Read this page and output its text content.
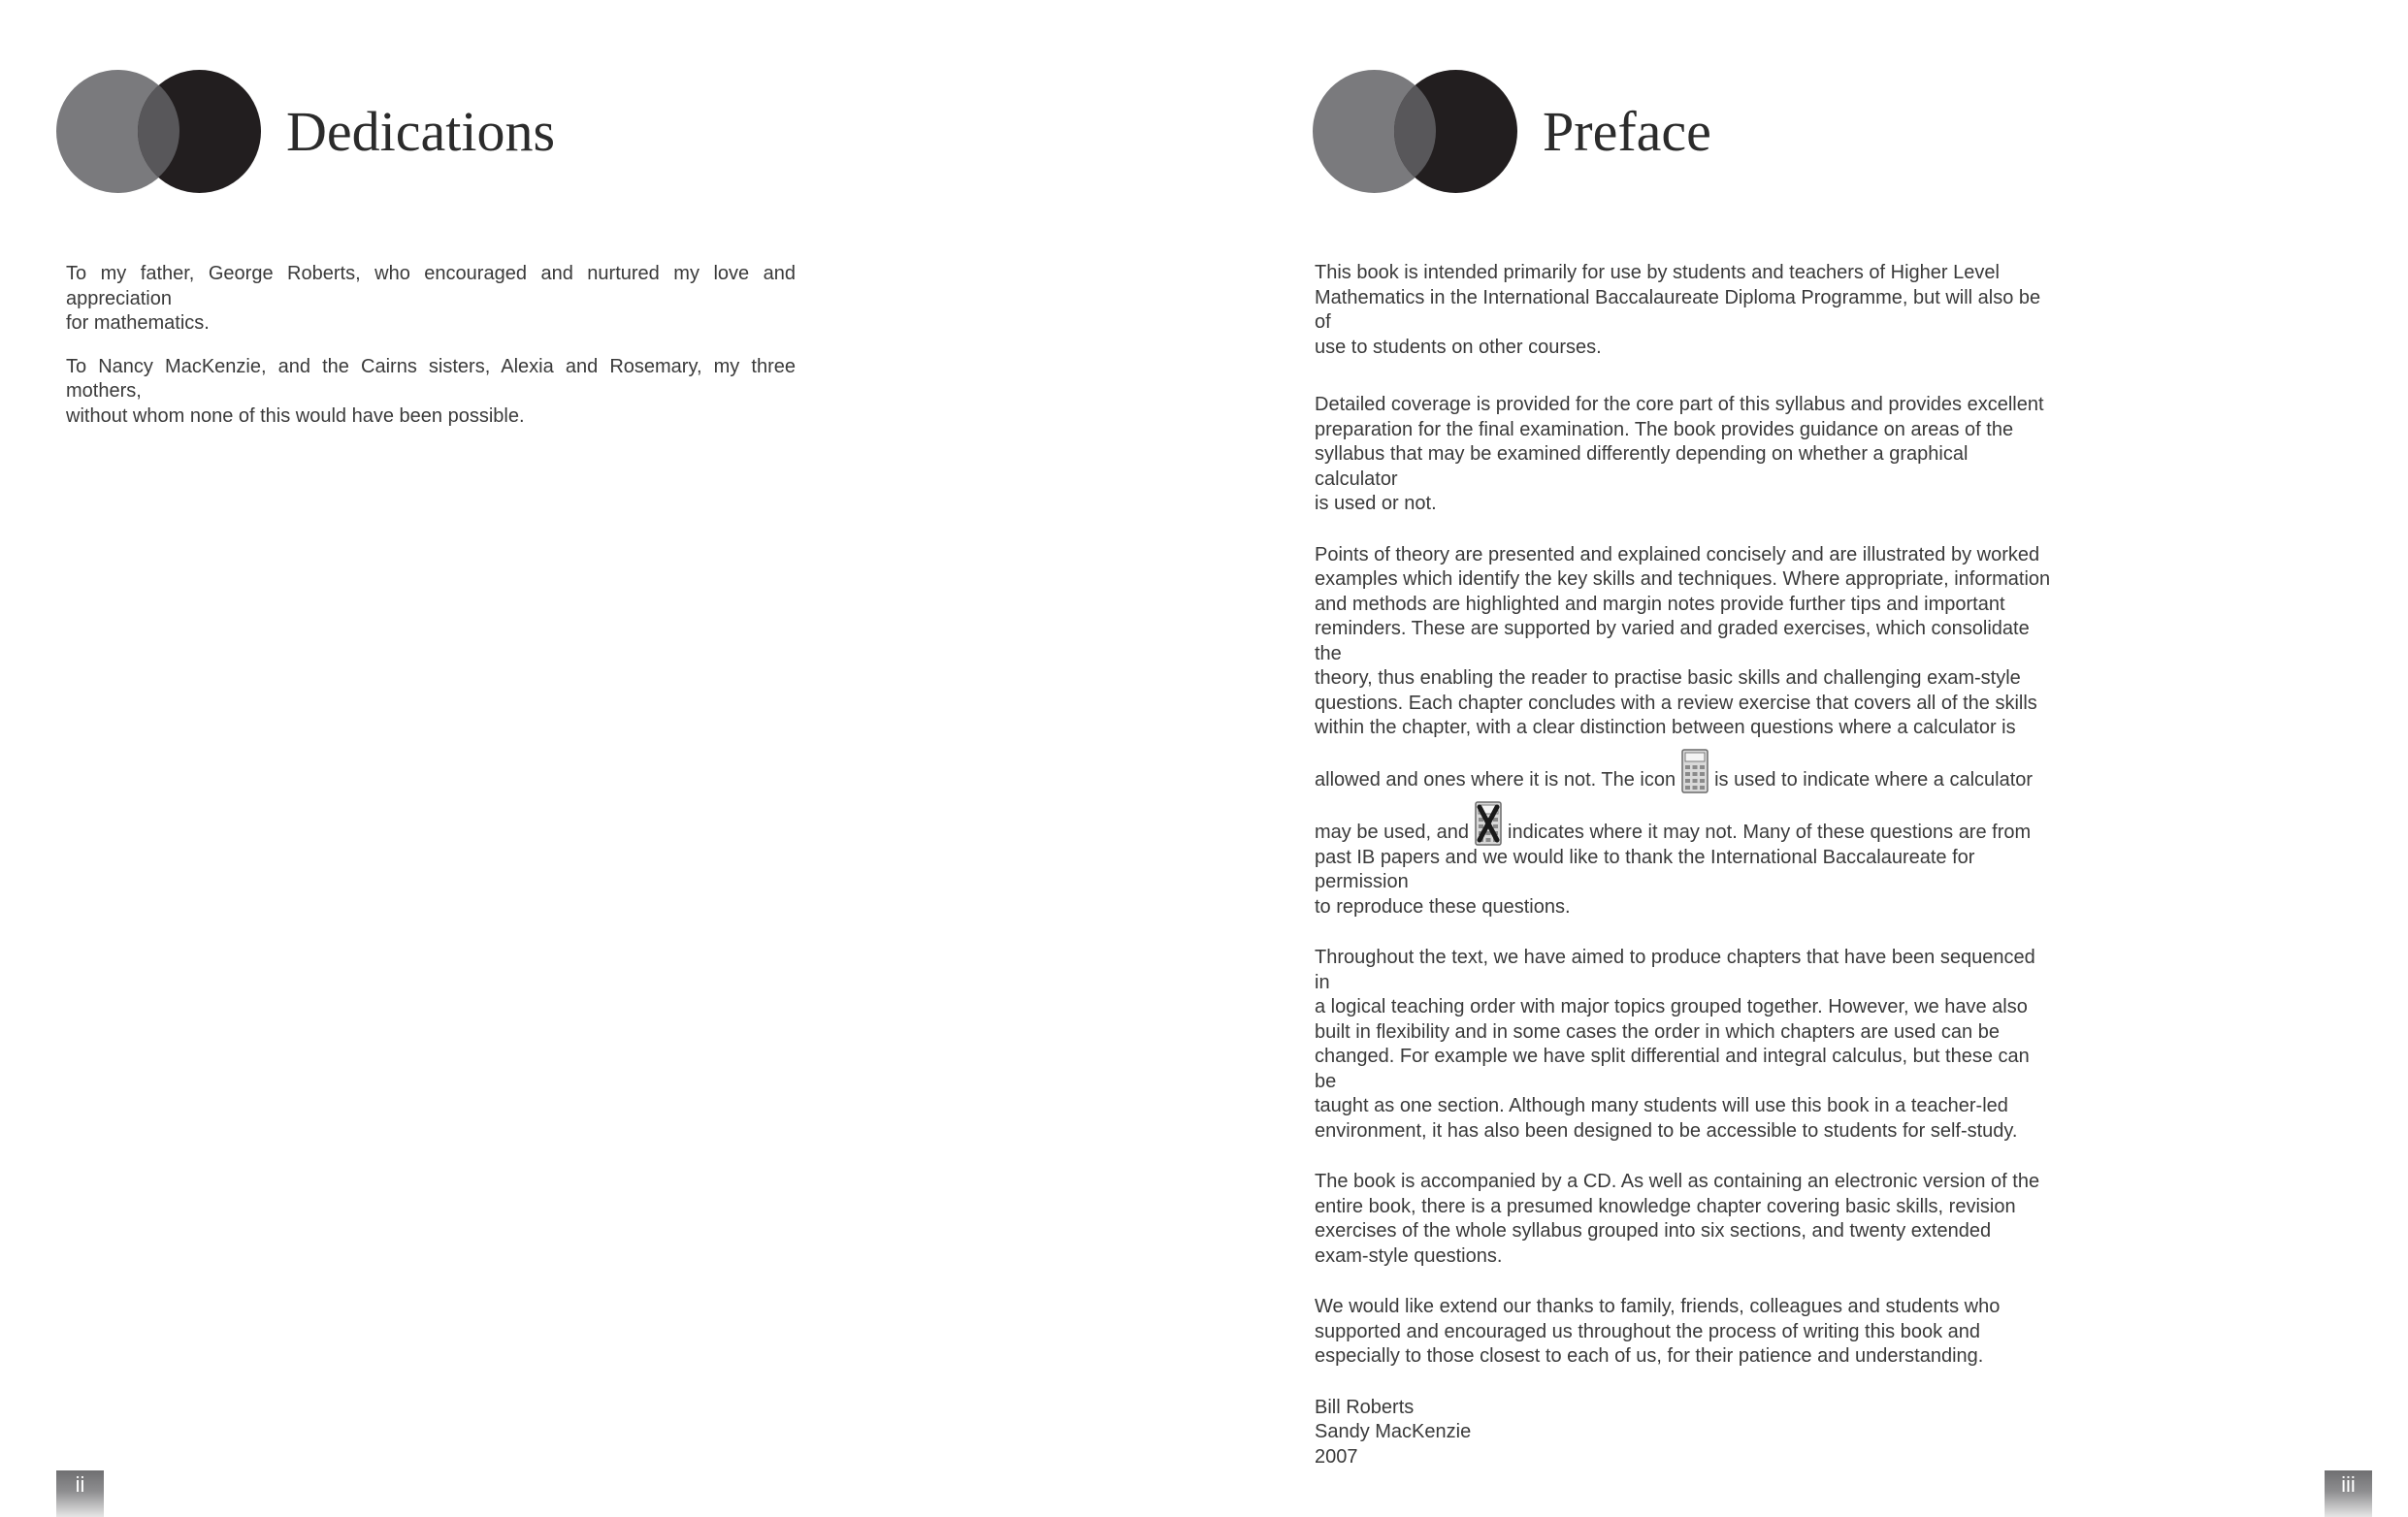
Dedications

To my father, George Roberts, who encouraged and nurtured my love and appreciation
for mathematics.

To Nancy MacKenzie, and the Cairns sisters, Alexia and Rosemary, my three mothers,
without whom none of this would have been possible.

ii
Preface

This book is intended primarily for use by students and teachers of Higher Level
Mathematics in the International Baccalaureate Diploma Programme, but will also be of
use to students on other courses.

Detailed coverage is provided for the core part of this syllabus and provides excellent
preparation for the final examination. The book provides guidance on areas of the
syllabus that may be examined differently depending on whether a graphical calculator
is used or not.

Points of theory are presented and explained concisely and are illustrated by worked
examples which identify the key skills and techniques. Where appropriate, information
and methods are highlighted and margin notes provide further tips and important
reminders. These are supported by varied and graded exercises, which consolidate the
theory, thus enabling the reader to practise basic skills and challenging exam-style
questions. Each chapter concludes with a review exercise that covers all of the skills
within the chapter, with a clear distinction between questions where a calculator is

allowed and ones where it is not. The icon is used to indicate where a calculator
may be used, and indicates where it may not. Many of these questions are from

past IB papers and we would like to thank the International Baccalaureate for permission
to reproduce these questions.

Throughout the text, we have aimed to produce chapters that have been sequenced in
a logical teaching order with major topics grouped together. However, we have also
built in flexibility and in some cases the order in which chapters are used can be
changed. For example we have split differential and integral calculus, but these can be
taught as one section. Although many students will use this book in a teacher-led
environment, it has also been designed to be accessible to students for self-study.

The book is accompanied by a CD. As well as containing an electronic version of the
entire book, there is a presumed knowledge chapter covering basic skills, revision
exercises of the whole syllabus grouped into six sections, and twenty extended
exam-style questions.

We would like extend our thanks to family, friends, colleagues and students who
supported and encouraged us throughout the process of writing this book and
especially to those closest to each of us, for their patience and understanding.

Bill Roberts

Sandy MacKenzie

2007

iii
